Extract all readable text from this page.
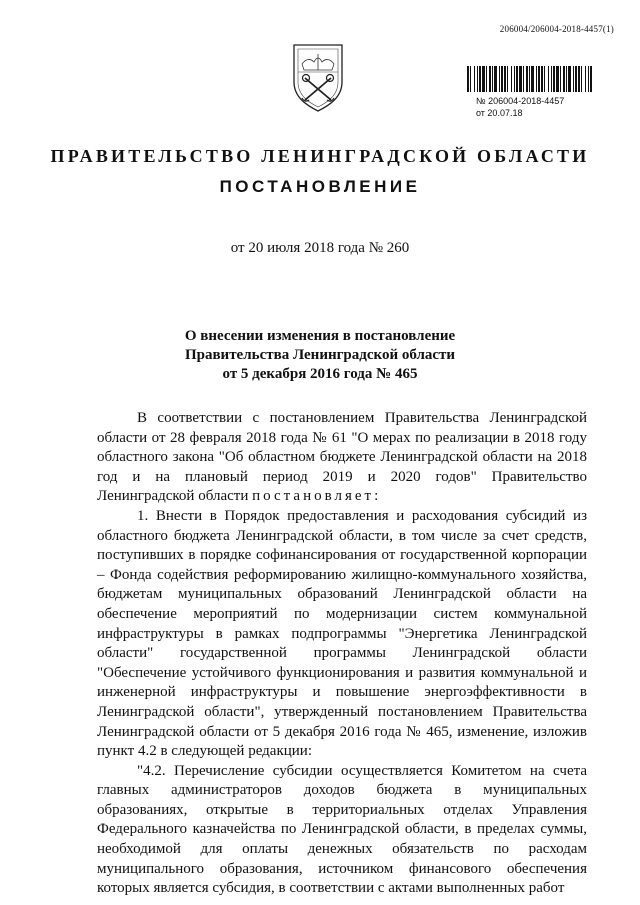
206004/206004-2018-4457(1)
№ 206004-2018-4457
от 20.07.18
ПРАВИТЕЛЬСТВО ЛЕНИНГРАДСКОЙ ОБЛАСТИ
ПОСТАНОВЛЕНИЕ
от 20 июля 2018 года № 260
О внесении изменения в постановление
Правительства Ленинградской области
от 5 декабря 2016 года № 465

В соответствии с постановлением Правительства Ленинградской области от 28 февраля 2018 года № 61 "О мерах по реализации в 2018 году областного закона "Об областном бюджете Ленинградской области на 2018 год и на плановый период 2019 и 2020 годов" Правительство Ленинградской области постановляет:

1. Внести в Порядок предоставления и расходования субсидий из областного бюджета Ленинградской области, в том числе за счет средств, поступивших в порядке софинансирования от государственной корпорации – Фонда содействия реформированию жилищно-коммунального хозяйства, бюджетам муниципальных образований Ленинградской области на обеспечение мероприятий по модернизации систем коммунальной инфраструктуры в рамках подпрограммы "Энергетика Ленинградской области" государственной программы Ленинградской области "Обеспечение устойчивого функционирования и развития коммунальной и инженерной инфраструктуры и повышение энергоэффективности в Ленинградской области", утвержденный постановлением Правительства Ленинградской области от 5 декабря 2016 года № 465, изменение, изложив пункт 4.2 в следующей редакции:

"4.2. Перечисление субсидии осуществляется Комитетом на счета главных администраторов доходов бюджета в муниципальных образованиях, открытые в территориальных отделах Управления Федерального казначейства по Ленинградской области, в пределах суммы, необходимой для оплаты денежных обязательств по расходам муниципального образования, источником финансового обеспечения которых является субсидия, в соответствии с актами выполненных работ
